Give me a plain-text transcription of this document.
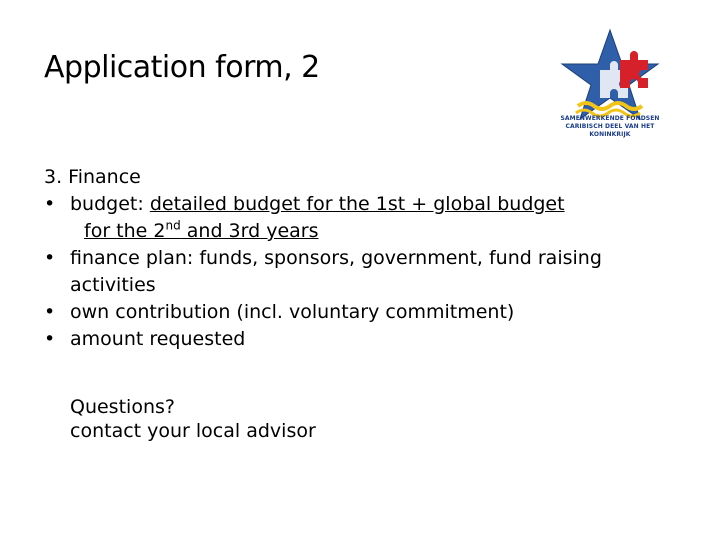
Application form, 2
SAMENWERKENDE FONDSEN
CARIBISCH DEEL VAN HET KONINKRIJK
3. Finance
• budget: detailed budget for the 1st + global budget
for the 2nd and 3rd years
• finance plan: funds, sponsors, government, fund raising
activities
• own contribution (incl. voluntary commitment)
• amount requested
Questions?
contact your local advisor
